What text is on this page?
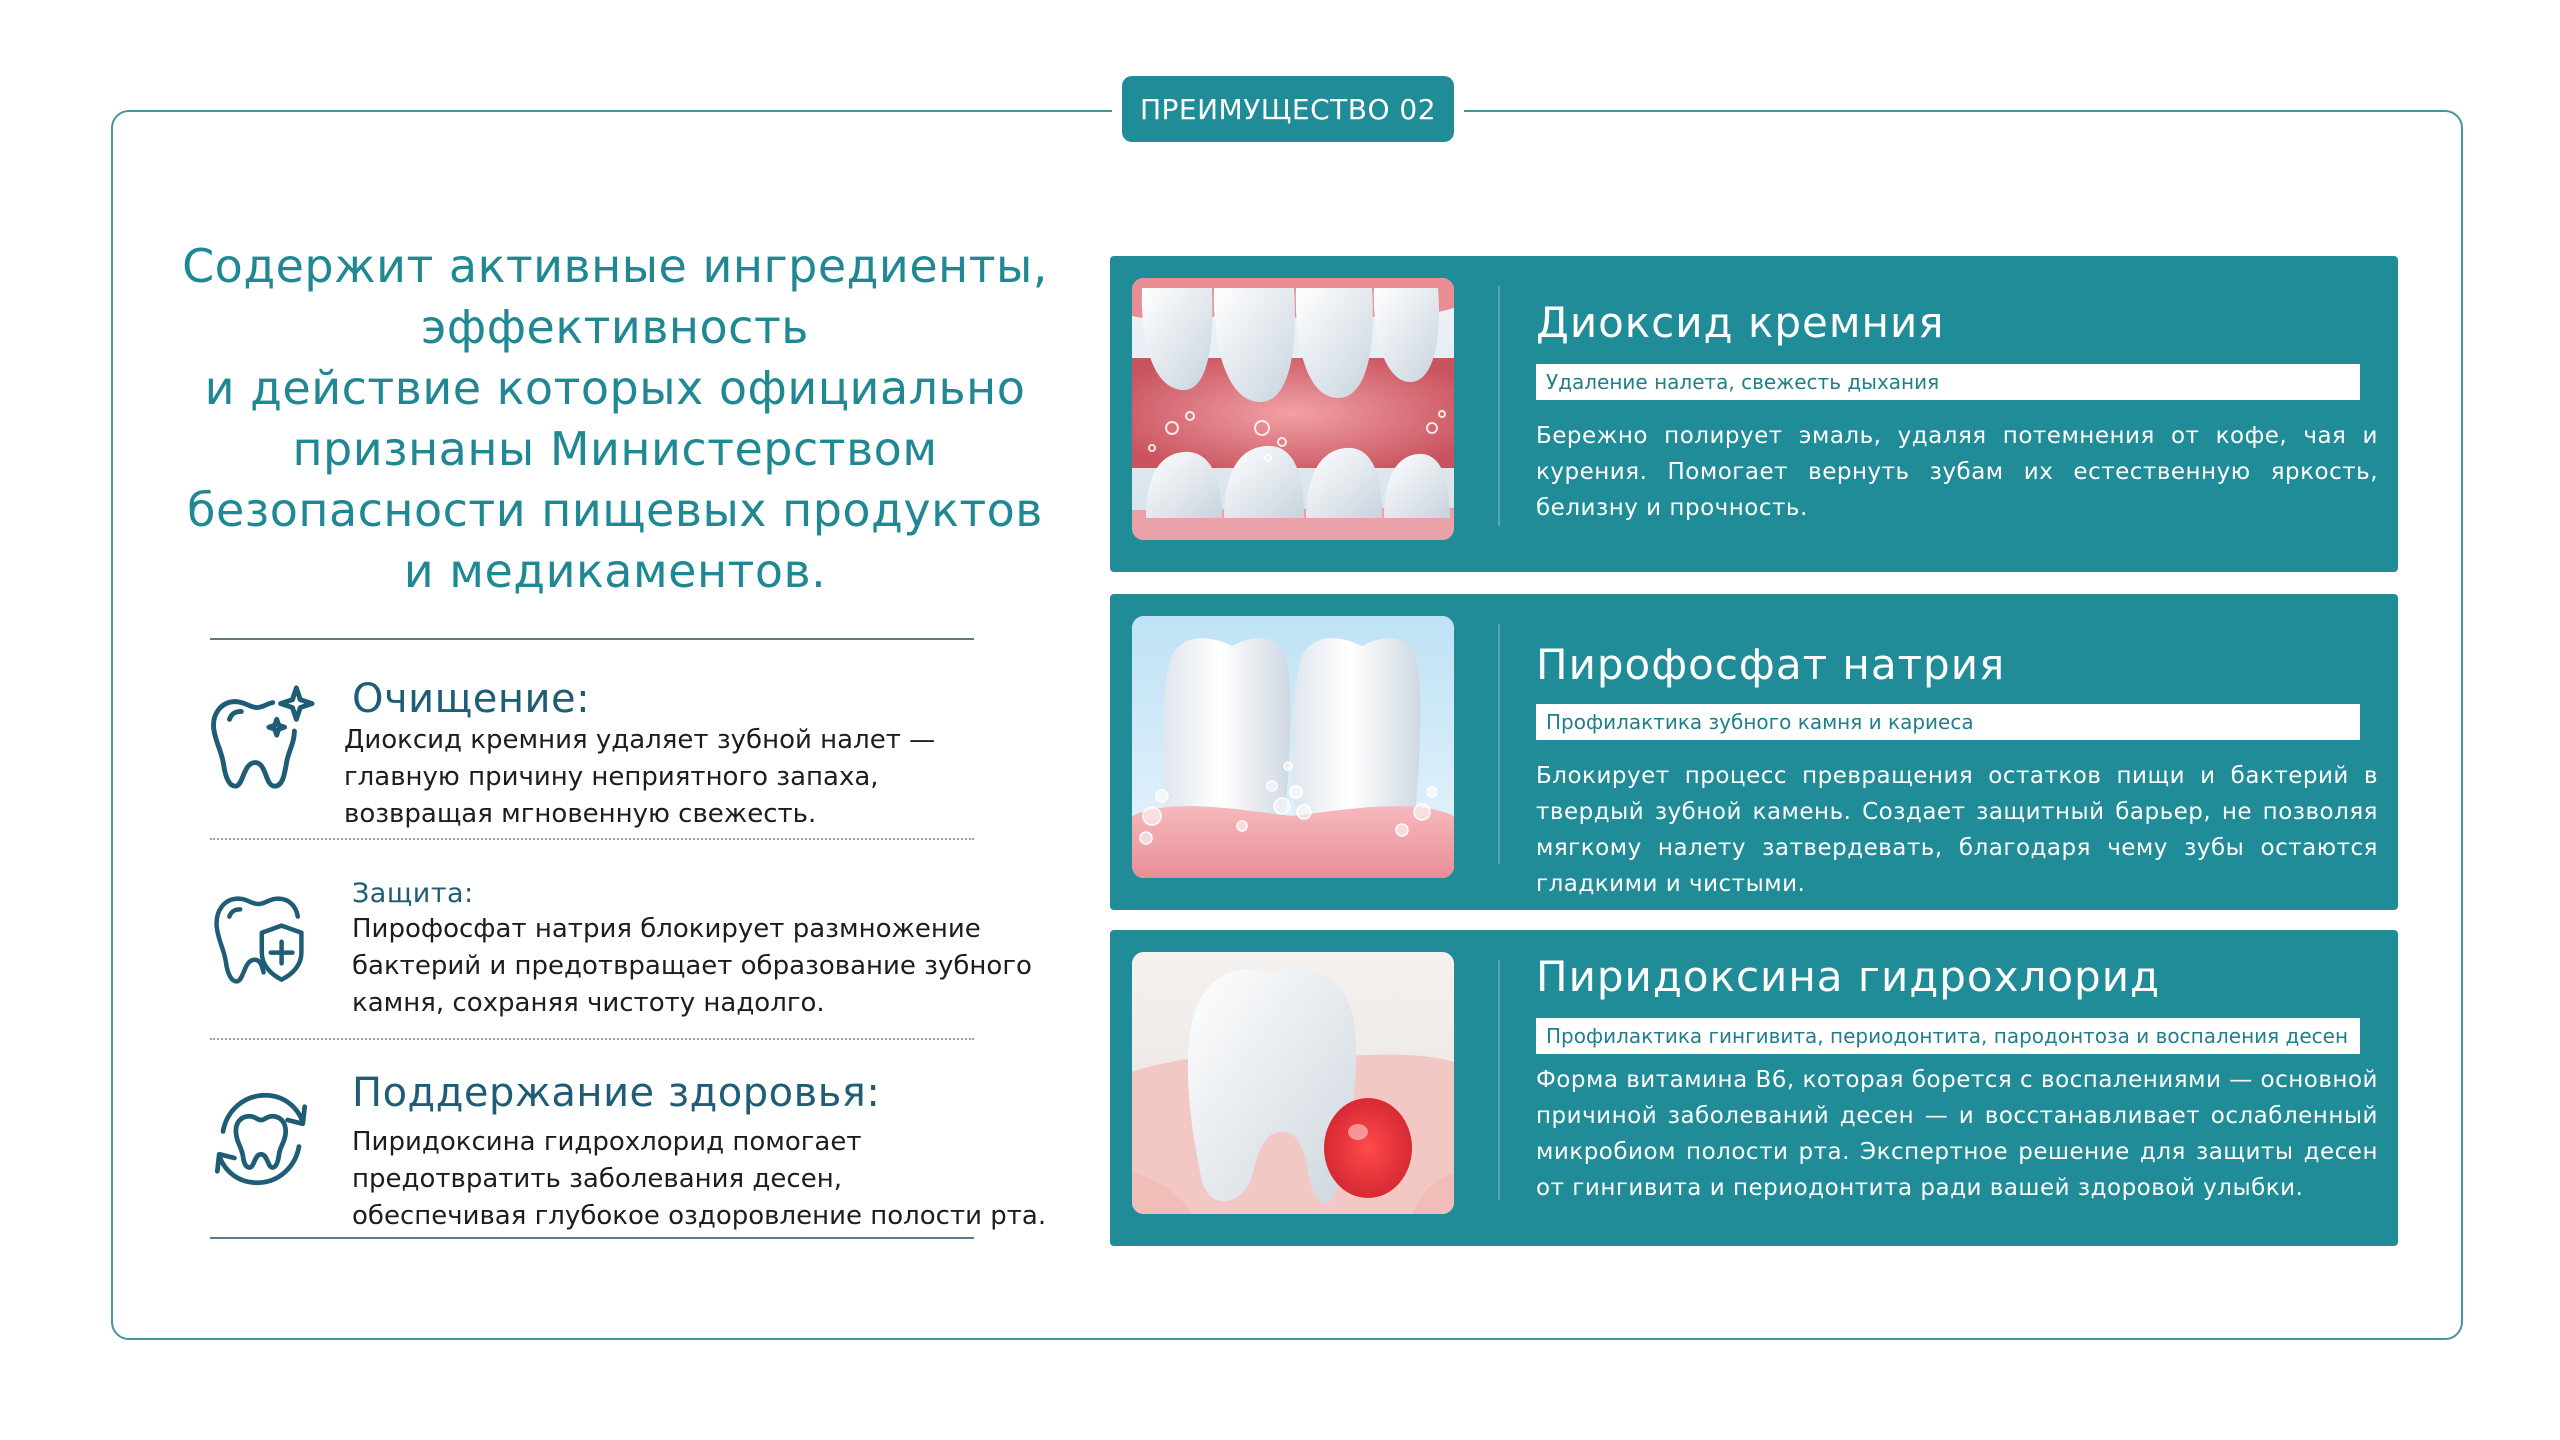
ПРЕИМУЩЕСТВО 02
Содержит активные ингредиенты,
эффективность
и действие которых официально
признаны Министерством
безопасности пищевых продуктов
и медикаментов.
Очищение:
Диоксид кремния удаляет зубной налет —
главную причину неприятного запаха,
возвращая мгновенную свежесть.
Защита:
Пирофосфат натрия блокирует размножение
бактерий и предотвращает образование зубного
камня, сохраняя чистоту надолго.
Поддержание здоровья:
Пиридоксина гидрохлорид помогает
предотвратить заболевания десен,
обеспечивая глубокое оздоровление полости рта.
Диоксид кремния
Удаление налета, свежесть дыхания
Бережно полирует эмаль, удаляя потемнения от кофе, чая и курения. Помогает вернуть зубам их естественную яркость, белизну и прочность.
Пирофосфат натрия
Профилактика зубного камня и кариеса
Блокирует процесс превращения остатков пищи и бактерий в твердый зубной камень. Создает защитный барьер, не позволяя мягкому налету затвердевать, благодаря чему зубы остаются гладкими и чистыми.
Пиридоксина гидрохлорид
Профилактика гингивита, периодонтита, пародонтоза и воспаления десен
Форма витамина B6, которая борется с воспалениями — основной причиной заболеваний десен — и восстанавливает ослабленный микробиом полости рта. Экспертное решение для защиты десен от гингивита и периодонтита ради вашей здоровой улыбки.
